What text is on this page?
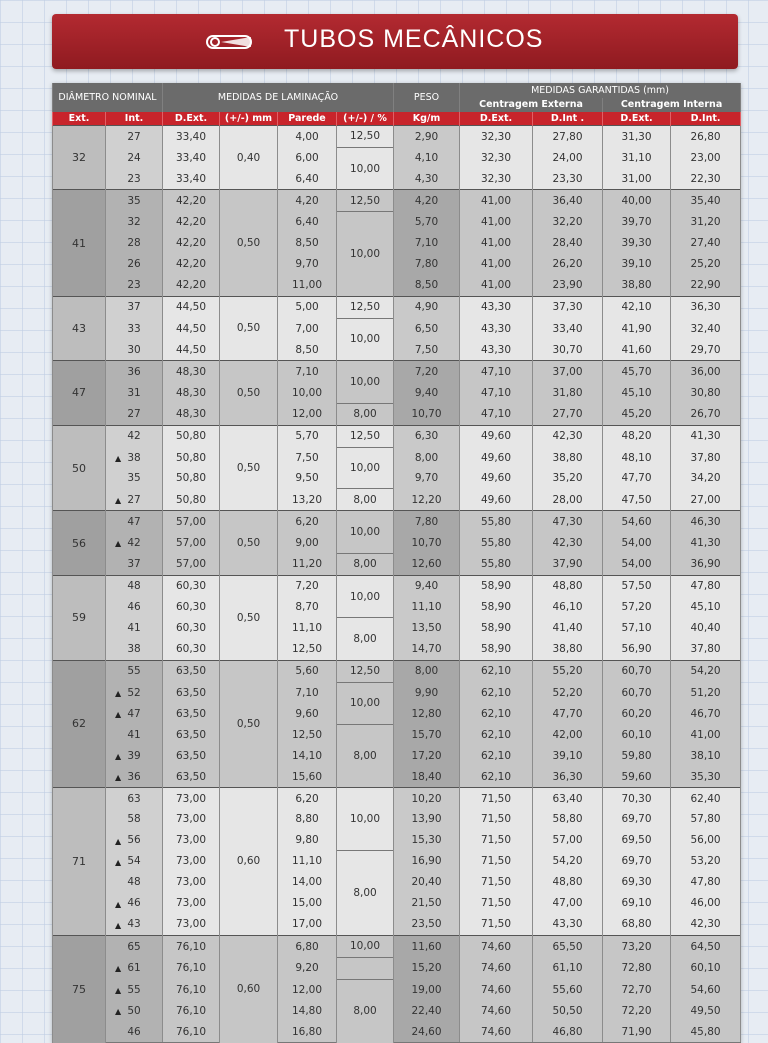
TUBOS MECÂNICOS
DIÂMETRO NOMINAL		MEDIDAS DE LAMINAÇÃO				PESO	MEDIDAS GARANTIDAS (mm)			
							Centragem Externa		Centragem Interna	
Ext.	Int.	D.Ext.	(+/-) mm	Parede	(+/-) / %	Kg/m	D.Ext.	D.Int .	D.Ext.	D.Int.
32	27	33,40	0,40	4,00	12,50	2,90	32,30	27,80	31,30	26,80
	24	33,40		6,00	10,00	4,10	32,30	24,00	31,10	23,00
	23	33,40		6,40		4,30	32,30	23,30	31,00	22,30
41	35	42,20	0,50	4,20	12,50	4,20	41,00	36,40	40,00	35,40
	32	42,20		6,40	10,00	5,70	41,00	32,20	39,70	31,20
	28	42,20		8,50		7,10	41,00	28,40	39,30	27,40
	26	42,20		9,70		7,80	41,00	26,20	39,10	25,20
	23	42,20		11,00		8,50	41,00	23,90	38,80	22,90
43	37	44,50	0,50	5,00	12,50	4,90	43,30	37,30	42,10	36,30
	33	44,50		7,00	10,00	6,50	43,30	33,40	41,90	32,40
	30	44,50		8,50		7,50	43,30	30,70	41,60	29,70
47	36	48,30	0,50	7,10	10,00	7,20	47,10	37,00	45,70	36,00
	31	48,30		10,00		9,40	47,10	31,80	45,10	30,80
	27	48,30		12,00	8,00	10,70	47,10	27,70	45,20	26,70
50	42	50,80	0,50	5,70	12,50	6,30	49,60	42,30	48,20	41,30

	▲ 38	50,80		7,50	10,00	8,00	49,60	38,80	48,10	37,80
	35	50,80		9,50		9,70	49,60	35,20	47,70	34,20

	▲ 27	50,80		13,20	8,00	12,20	49,60	28,00	47,50	27,00
56	47	57,00	0,50	6,20	10,00	7,80	55,80	47,30	54,60	46,30

	▲ 42	57,00		9,00		10,70	55,80	42,30	54,00	41,30
	37	57,00		11,20	8,00	12,60	55,80	37,90	54,00	36,90
59	48	60,30	0,50	7,20	10,00	9,40	58,90	48,80	57,50	47,80
	46	60,30		8,70		11,10	58,90	46,10	57,20	45,10
	41	60,30		11,10	8,00	13,50	58,90	41,40	57,10	40,40
	38	60,30		12,50		14,70	58,90	38,80	56,90	37,80
62	55	63,50	0,50	5,60	12,50	8,00	62,10	55,20	60,70	54,20

	▲ 52	63,50		7,10	10,00	9,90	62,10	52,20	60,70	51,20

	▲ 47	63,50		9,60		12,80	62,10	47,70	60,20	46,70
	41	63,50		12,50	8,00	15,70	62,10	42,00	60,10	41,00

	▲ 39	63,50		14,10		17,20	62,10	39,10	59,80	38,10

	▲ 36	63,50		15,60		18,40	62,10	36,30	59,60	35,30
71	63	73,00	0,60	6,20	10,00	10,20	71,50	63,40	70,30	62,40
	58	73,00		8,80		13,90	71,50	58,80	69,70	57,80

	▲ 56	73,00		9,80		15,30	71,50	57,00	69,50	56,00

	▲ 54	73,00		11,10	8,00	16,90	71,50	54,20	69,70	53,20
	48	73,00		14,00		20,40	71,50	48,80	69,30	47,80

	▲ 46	73,00		15,00		21,50	71,50	47,00	69,10	46,00

	▲ 43	73,00		17,00		23,50	71,50	43,30	68,80	42,30
75	65	76,10	0,60	6,80	10,00	11,60	74,60	65,50	73,20	64,50

	▲ 61	76,10		9,20		15,20	74,60	61,10	72,80	60,10

	▲ 55	76,10		12,00	8,00	19,00	74,60	55,60	72,70	54,60

	▲ 50	76,10		14,80		22,40	74,60	50,50	72,20	49,50
	46	76,10		16,80		24,60	74,60	46,80	71,90	45,80
